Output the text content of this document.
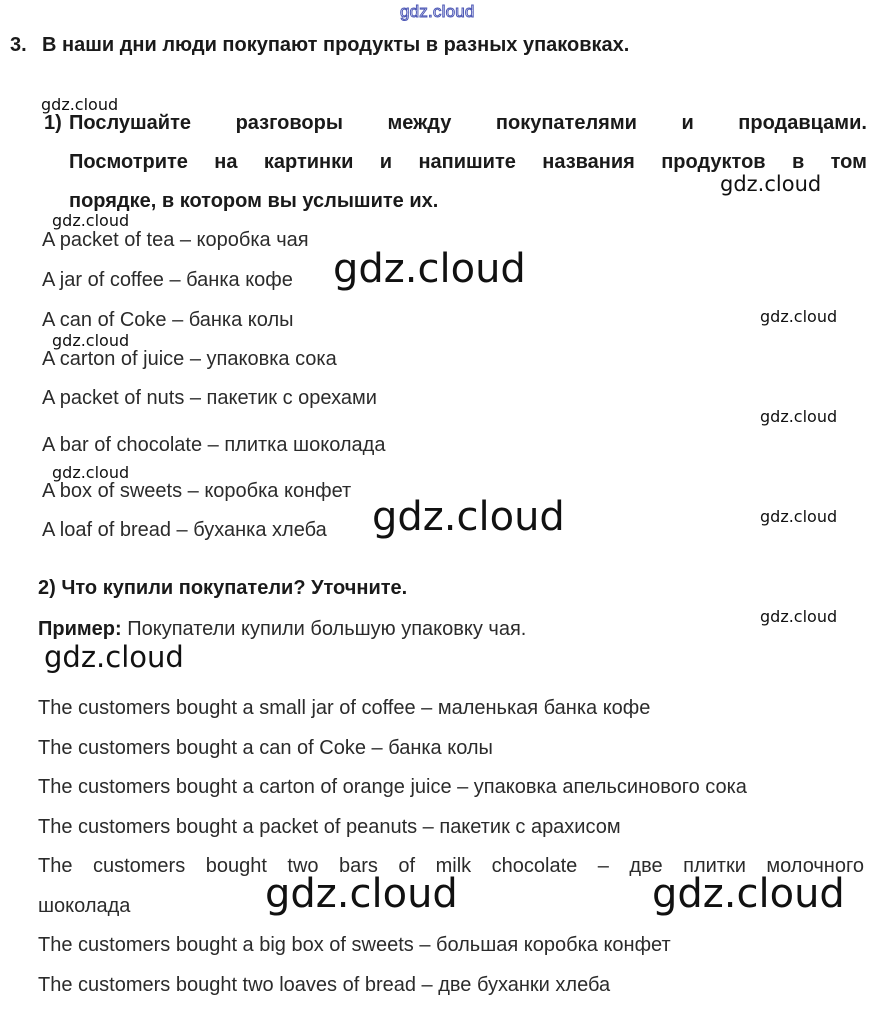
gdz.cloud
3. В наши дни люди покупают продукты в разных упаковках.
gdz.cloud
gdz.cloud
gdz.cloud
gdz.cloud
gdz.cloud
gdz.cloud
gdz.cloud
gdz.cloud
gdz.cloud
gdz.cloud
1) Послушайте разговоры между покупателями и продавцами.
Посмотрите на картинки и напишите названия продуктов в том
порядке, в котором вы услышите их.
A packet of tea – коробка чая
A jar of coffee – банка кофе
A can of Coke – банка колы
A carton of juice – упаковка сока
A packet of nuts – пакетик с орехами
A bar of chocolate – плитка шоколада
A box of sweets – коробка конфет
A loaf of bread – буханка хлеба
gdz.cloud
gdz.cloud
2) Что купили покупатели? Уточните.
Пример: Покупатели купили большую упаковку чая.
The customers bought a small jar of coffee – маленькая банка кофе
The customers bought a can of Coke – банка колы
The customers bought a carton of orange juice – упаковка апельсинового сока
The customers bought a packet of peanuts – пакетик с арахисом
The customers bought two bars of milk chocolate – две плитки молочного
шоколада
The customers bought a big box of sweets – большая коробка конфет
The customers bought two loaves of bread – две буханки хлеба
gdz.cloud	gdz.cloud
